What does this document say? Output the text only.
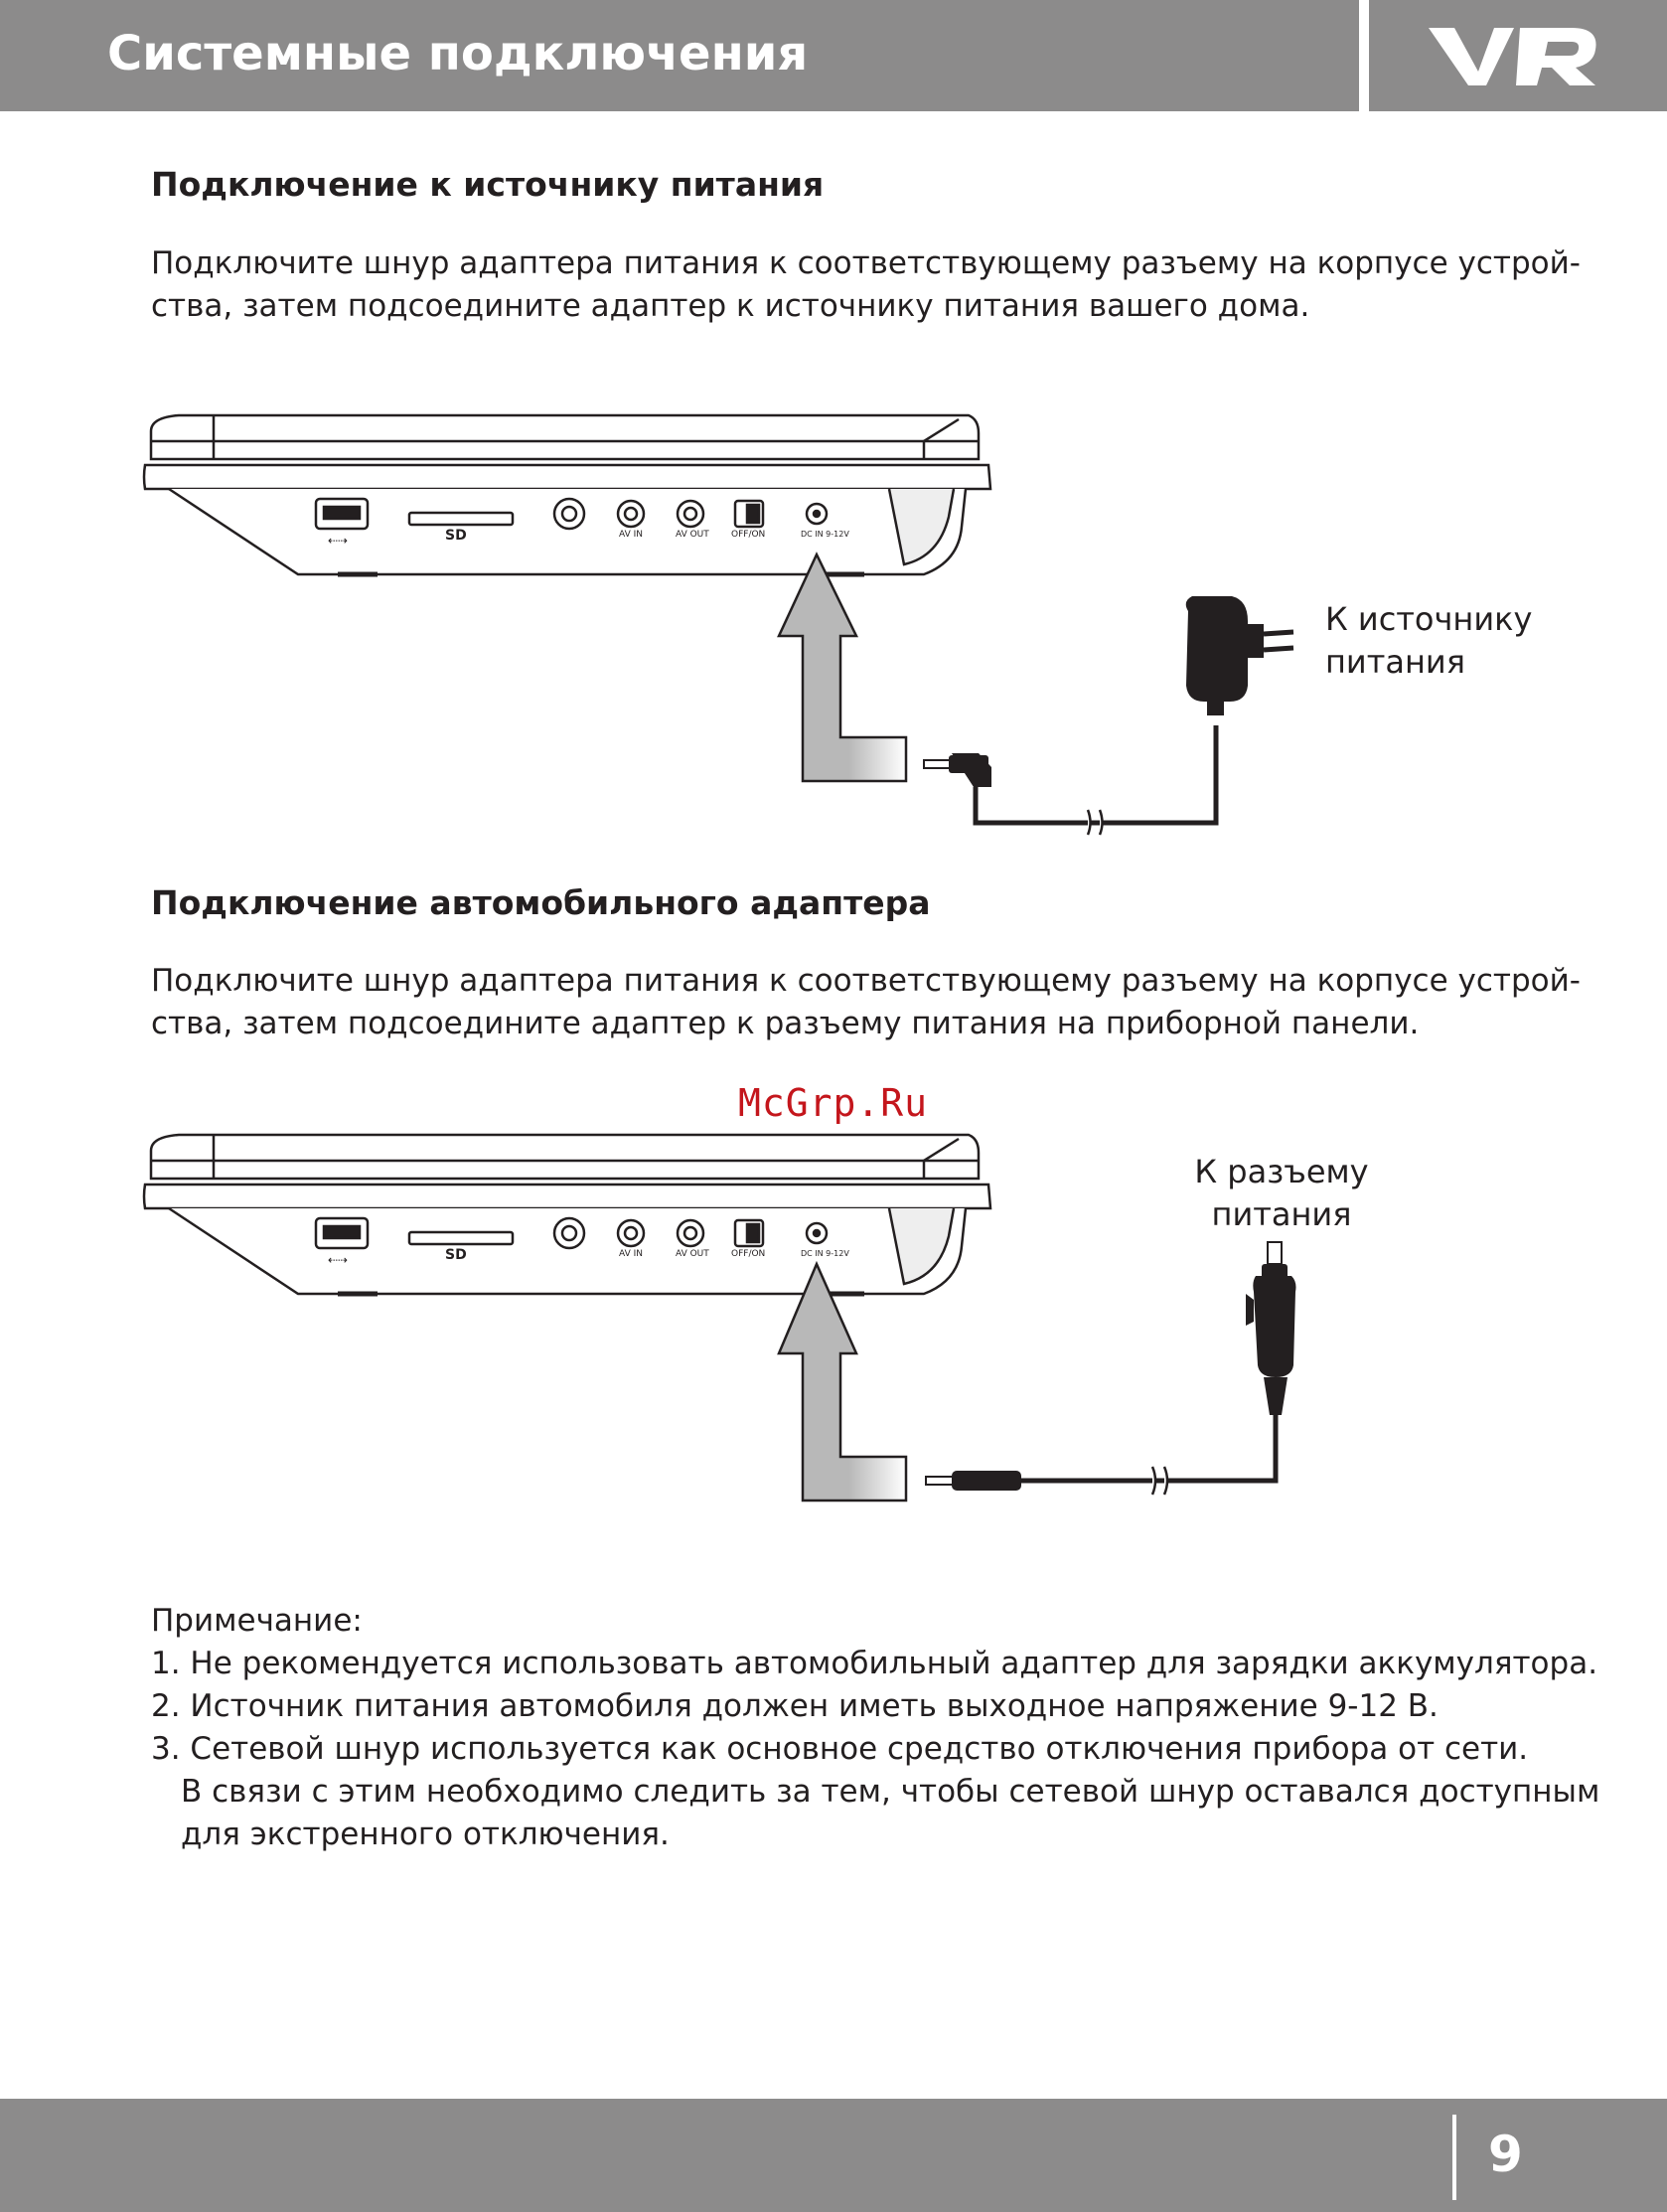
Системные подключения
Подключение к источнику питания

Подключите шнур адаптера питания к соответствующему разъему на корпусе устрой-
ства, затем подсоедините адаптер к источнику питания вашего дома.

⇠⇢	SD	AV IN	AV OUT OFF/ON	DC IN 9-12V

К источнику
питания

Подключение автомобильного адаптера

Подключите шнур адаптера питания к соответствующему разъему на корпусе устрой-
ства, затем подсоедините адаптер к разъему питания на приборной панели.

McGrp.Ru
⇠⇢	SD	AV IN	AV OUT OFF/ON	DC IN 9-12V

К разъему
питания

Примечание:
1. Не рекомендуется использовать автомобильный адаптер для зарядки аккумулятора.
2. Источник питания автомобиля должен иметь выходное напряжение 9-12 В.
3. Сетевой шнур используется как основное средство отключения прибора от сети.
В связи с этим необходимо следить за тем, чтобы сетевой шнур оставался доступным
для экстренного отключения.

9
